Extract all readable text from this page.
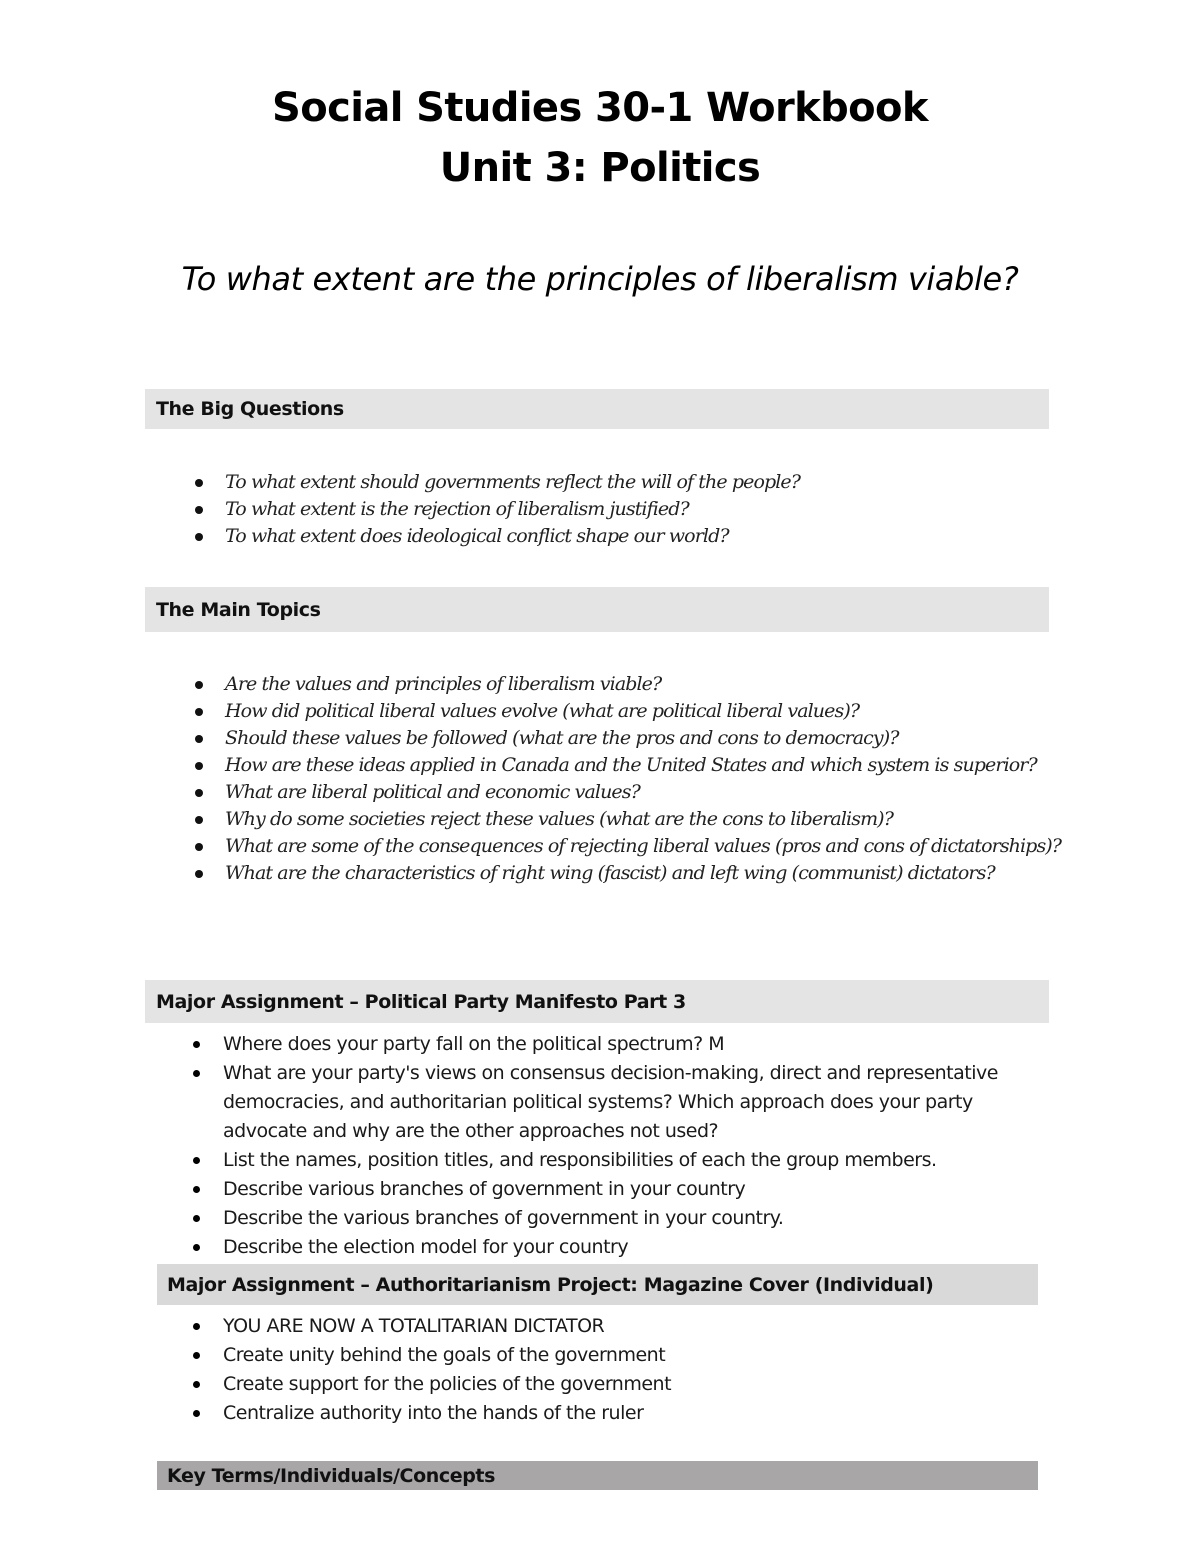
Social Studies 30-1 Workbook
Unit 3: Politics
To what extent are the principles of liberalism viable?
The Big Questions
To what extent should governments reflect the will of the people?
To what extent is the rejection of liberalism justified?
To what extent does ideological conflict shape our world?
The Main Topics
Are the values and principles of liberalism viable?
How did political liberal values evolve (what are political liberal values)?
Should these values be followed (what are the pros and cons to democracy)?
How are these ideas applied in Canada and the United States and which system is superior?
What are liberal political and economic values?
Why do some societies reject these values (what are the cons to liberalism)?
What are some of the consequences of rejecting liberal values (pros and cons of dictatorships)?
What are the characteristics of right wing (fascist) and left wing (communist) dictators?
Major Assignment – Political Party Manifesto Part 3
Where does your party fall on the political spectrum? M
What are your party's views on consensus decision-making, direct and representative democracies, and authoritarian political systems? Which approach does your party advocate and why are the other approaches not used?
List the names, position titles, and responsibilities of each the group members.
Describe various branches of government in your country
Describe the various branches of government in your country.
Describe the election model for your country
Major Assignment – Authoritarianism Project: Magazine Cover (Individual)
YOU ARE NOW A TOTALITARIAN DICTATOR
Create unity behind the goals of the government
Create support for the policies of the government
Centralize authority into the hands of the ruler
Key Terms/Individuals/Concepts
